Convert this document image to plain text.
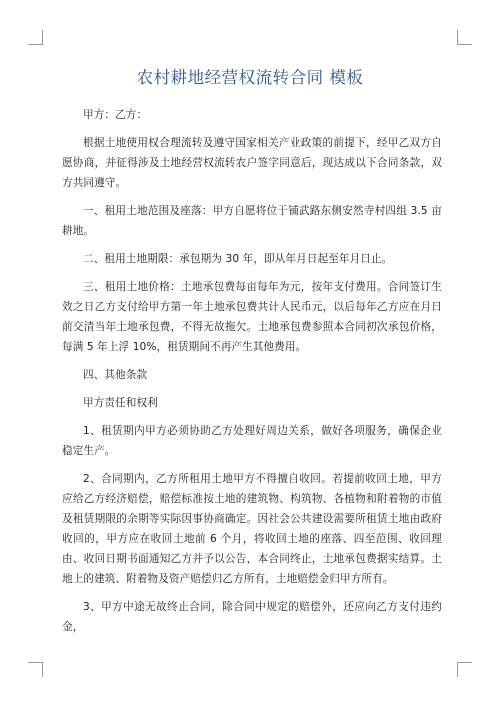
农村耕地经营权流转合同 模板

甲方：乙方：

根据土地使用权合理流转及遵守国家相关产业政策的前提下，经甲乙双方自愿协商，并征得涉及土地经营权流转农户签字同意后，现达成以下合同条款，双方共同遵守。

一、租用土地范围及座落：甲方自愿将位于铺武路东侧安然寺村四组 3.5 亩耕地。

二、租用土地期限：承包期为 30 年，即从年月日起至年月日止。

三、租用土地价格：土地承包费每亩每年为元，按年支付费用。合同签订生效之日乙方支付给甲方第一年土地承包费共计人民币元，以后每年乙方应在月日前交清当年土地承包费，不得无故拖欠。土地承包费参照本合同初次承包价格，每满 5 年上浮 10%，租赁期间不再产生其他费用。

四、其他条款

甲方责任和权利

1、租赁期内甲方必须协助乙方处理好周边关系，做好各项服务，确保企业稳定生产。

2、合同期内，乙方所租用土地甲方不得擅自收回。若提前收回土地，甲方应给乙方经济赔偿，赔偿标准按土地的建筑物、构筑物、各植物和附着物的市值及租赁期限的余期等实际因事协商确定。因社会公共建设需要所租赁土地由政府收回的，甲方应在收回土地前 6 个月，将收回土地的座落、四至范围、收回理由、收回日期书面通知乙方并予以公告，本合同终止，土地承包费据实结算。土地上的建筑、附着物及资产赔偿归乙方所有，土地赔偿金归甲方所有。

3、甲方中途无故终止合同，除合同中规定的赔偿外，还应向乙方支付违约金，
